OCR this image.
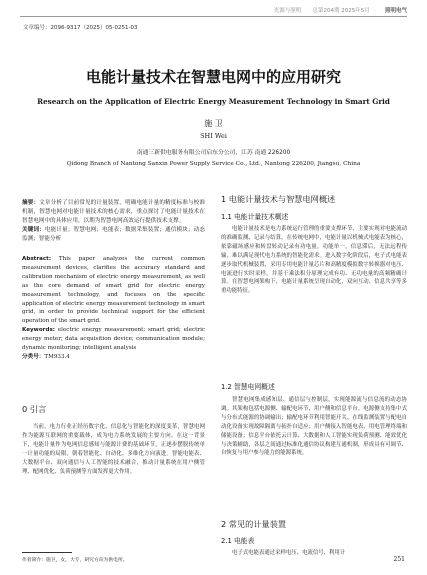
光源与照明 · 总第204期 2025年5月 · 照明电气
文章编号：2096-9317（2025）05-0251-03
电能计量技术在智慧电网中的应用研究
Research on the Application of Electric Energy Measurement Technology in Smart Grid
施 卫
SHI Wei
南通三新供电服务有限公司启东分公司，江苏 南通 226200
Qidong Branch of Nantong Sanxin Power Supply Service Co., Ltd., Nantong 226200, Jiangsu, China
摘要：文章分析了目前常见的计量装置，明确电能计量的精度标准与校准机制，智慧电网对电能计量技术的核心需求，重点探讨了电能计量技术在智慧电网中的具体应用，以期为智慧电网高效运行提供技术支撑。
关键词：电能计量；智慧电网；电能表；数据采集装置；通信模块；动态监测；智能分析
Abstract: This paper analyzes the current common measurement devices, clarifies the accuracy standard and calibration mechanism of electric energy measurement, as well as the core demand of smart grid for electric energy measurement technology, and focuses on the specific application of electric energy measurement technology in smart grid, in order to provide technical support for the efficient operation of the smart grid.
Keywords: electric energy measurement; smart grid; electric energy meter; data acquisition device; communication module; dynamic monitoring; intelligent analysis
分类号：TM933.4
0 引言

当前，电力行业正经历数字化、信息化与智能化的深度变革，智慧电网作为能源互联网的重要载体，成为电力系统发展的主要方向。在这一背景下，电能计量作为电网信息感知与能源计费的基础环节，正逐步摆脱传统单一计量功能的局限，朝着智能化、自动化、多维化方向演进。智能电能表、大数据平台、双向通信与人工智能的技术融合，推动计量系统在用户侧管理、配网优化、负荷预测等方面发挥更大作用。

1 电能计量技术与智慧电网概述
1.1 电能计量技术概述

电能计量技术是电力系统运行管理的重要支撑环节，主要实现对电能流动的准确监测、记录与结算。在传统电网中，电能计量以机械式电能表为核心，依靠磁场感应和转盘转动记录有功电量，功能单一，信息滞后，无法远程传输，难以满足现代电力系统的智能化需求。进入数字化阶段后，电子式电能表逐步取代机械装置，采用专用电能计量芯片和高精度模拟数字转换器对电压、电流进行实时采样，并基于乘法积分原理完成有功、无功电量的高频精确计算。在智慧电网架构下，电能计量系统呈现自动化、双向互动、信息共享等多重功能特征。

1.2 智慧电网概述

智慧电网集成感知层、通信层与控制层，实现能源流与信息流的动态协调。其架构包括电源侧、输配电环节、用户侧和信息平台。电源侧支持集中式与分布式能源的协调输出；输配电环节利用智能开关、在线监测装置与配电自动化设备实现故障隔离与拓扑自适应；用户侧接入智能电表、用电管理终端和储能设备；信息平台依托云计算、大数据和人工智能实现负荷预测、能效优化与决策辅助，各层之间通过标准化通信协议构建互通机制，形成具有可调节、自恢复与用户参与能力的能源系统。

2 常见的计量装置
2.1 电能表

电子式电能表通过采样电压、电流信号，利用计

作者简介：施卫，女，大专，研究方向为供电所。	251
